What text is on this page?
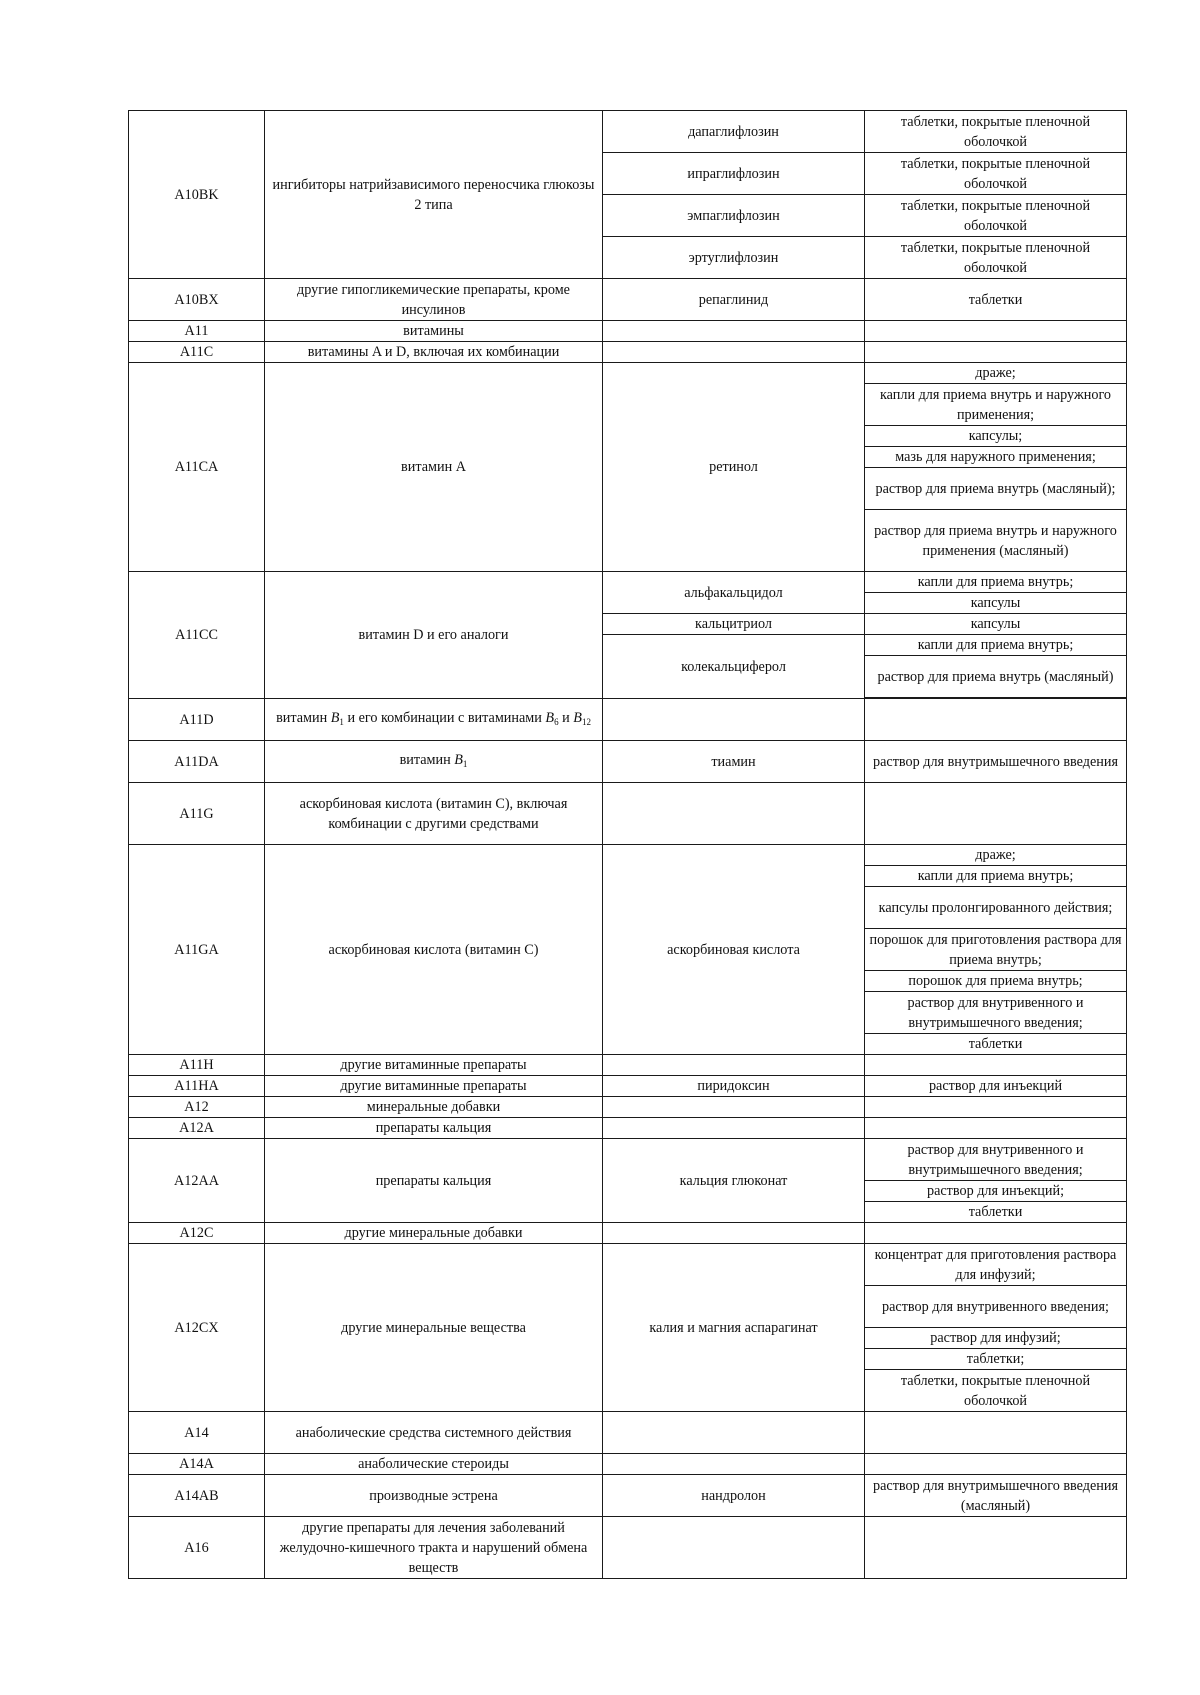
A10BK	ингибиторы натрийзависимого переносчика глюкозы 2 типа	дапаглифлозин	таблетки, покрытые пленочной оболочкой
		ипраглифлозин	таблетки, покрытые пленочной оболочкой
		эмпаглифлозин	таблетки, покрытые пленочной оболочкой
		эртуглифлозин	таблетки, покрытые пленочной оболочкой
A10BX	другие гипогликемические препараты, кроме инсулинов	репаглинид	таблетки
A11	витамины		
A11C	витамины A и D, включая их комбинации		
A11CA	витамин A	ретинол	драже;
			капли для приема внутрь и наружного применения;
			капсулы;
			мазь для наружного применения;
			раствор для приема внутрь (масляный);
			раствор для приема внутрь и наружного применения (масляный)
A11CC	витамин D и его аналоги	альфакальцидол	капли для приема внутрь;
			капсулы
		кальцитриол	капсулы
		колекальциферол	капли для приема внутрь;
			раствор для приема внутрь (масляный)

A11D	витамин $B_1$ и его комбинации с витаминами $B_6$ и $B_{12}$		
A11DA	витамин $B_1$	тиамин	раствор для внутримышечного введения
A11G	аскорбиновая кислота (витамин C), включая комбинации с другими средствами		
A11GA	аскорбиновая кислота (витамин C)	аскорбиновая кислота	драже;
			капли для приема внутрь;
			капсулы пролонгированного действия;
			порошок для приготовления раствора для приема внутрь;
			порошок для приема внутрь;
			раствор для внутривенного и внутримышечного введения;
			таблетки
A11H	другие витаминные препараты		
A11HA	другие витаминные препараты	пиридоксин	раствор для инъекций
A12	минеральные добавки		
A12A	препараты кальция		
A12AA	препараты кальция	кальция глюконат	раствор для внутривенного и внутримышечного введения;
			раствор для инъекций;
			таблетки
A12C	другие минеральные добавки		
A12CX	другие минеральные вещества	калия и магния аспарагинат	концентрат для приготовления раствора для инфузий;
			раствор для внутривенного введения;
			раствор для инфузий;
			таблетки;
			таблетки, покрытые пленочной оболочкой
A14	анаболические средства системного действия		
A14A	анаболические стероиды		
A14AB	производные эстрена	нандролон	раствор для внутримышечного введения (масляный)
A16	другие препараты для лечения заболеваний желудочно-кишечного тракта и нарушений обмена веществ		
